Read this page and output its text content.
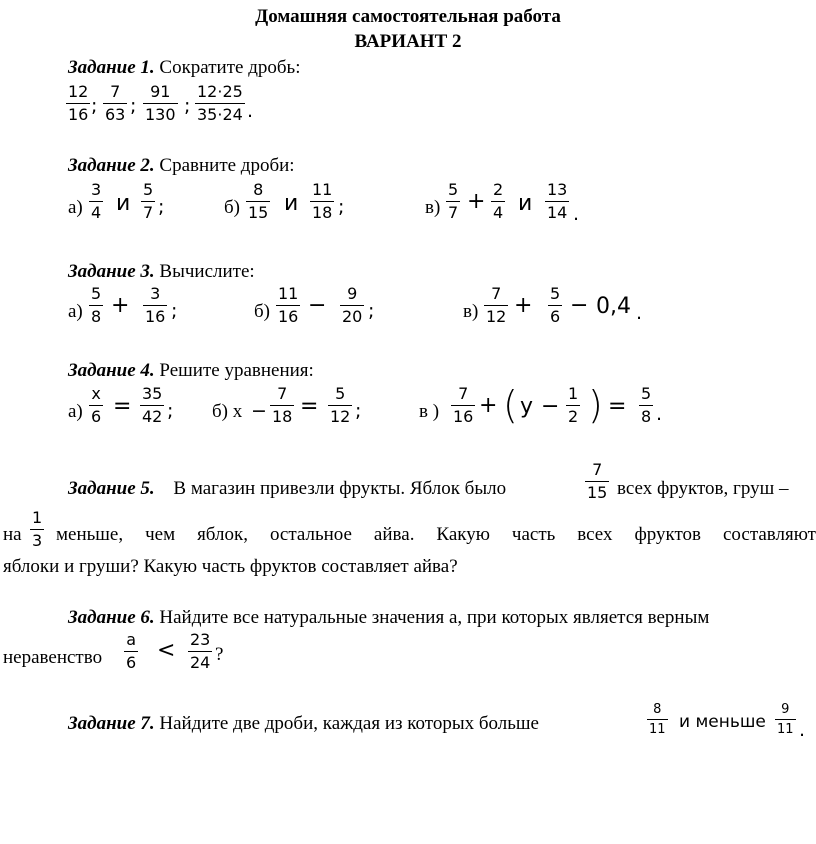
Домашняя самостоятельная работа
ВАРИАНТ 2
Задание 1. Сократите дробь:
12
16 ;
7
63 ;
91
130 ;
12·25
35·24 .
Задание 2. Сравните дроби:
а)
3
4 и
5
7 ;	б)
8
15 и
11
18 ;	в)
5
7 + 2
4 и
13
14 .
Задание 3. Вычислите:
а)
5
8 + 3
16 ;	б)
11
16 − 9
20 ;	в)
7
12 + 5
6 − 0,4 .
Задание 4. Решите уравнения:
а)
x
6 =
35
42 ; б) x −
7
18 =
5
12 ;	в )
7
16 + ( y −
1
2 ) =
5
8 .
Задание 5. В магазин привезли фрукты. Яблок было
7
15 всех фруктов, груш –
на
1
3 меньше, чем яблок, остальное айва. Какую часть всех фруктов составляют
яблоки и груши? Какую часть фруктов составляет айва?
Задание 6. Найдите все натуральные значения а, при которых является верным
неравенство
a
6 < 23
24 ?
Задание 7. Найдите две дроби, каждая из которых больше
8
11 и меньше
9
11 .
